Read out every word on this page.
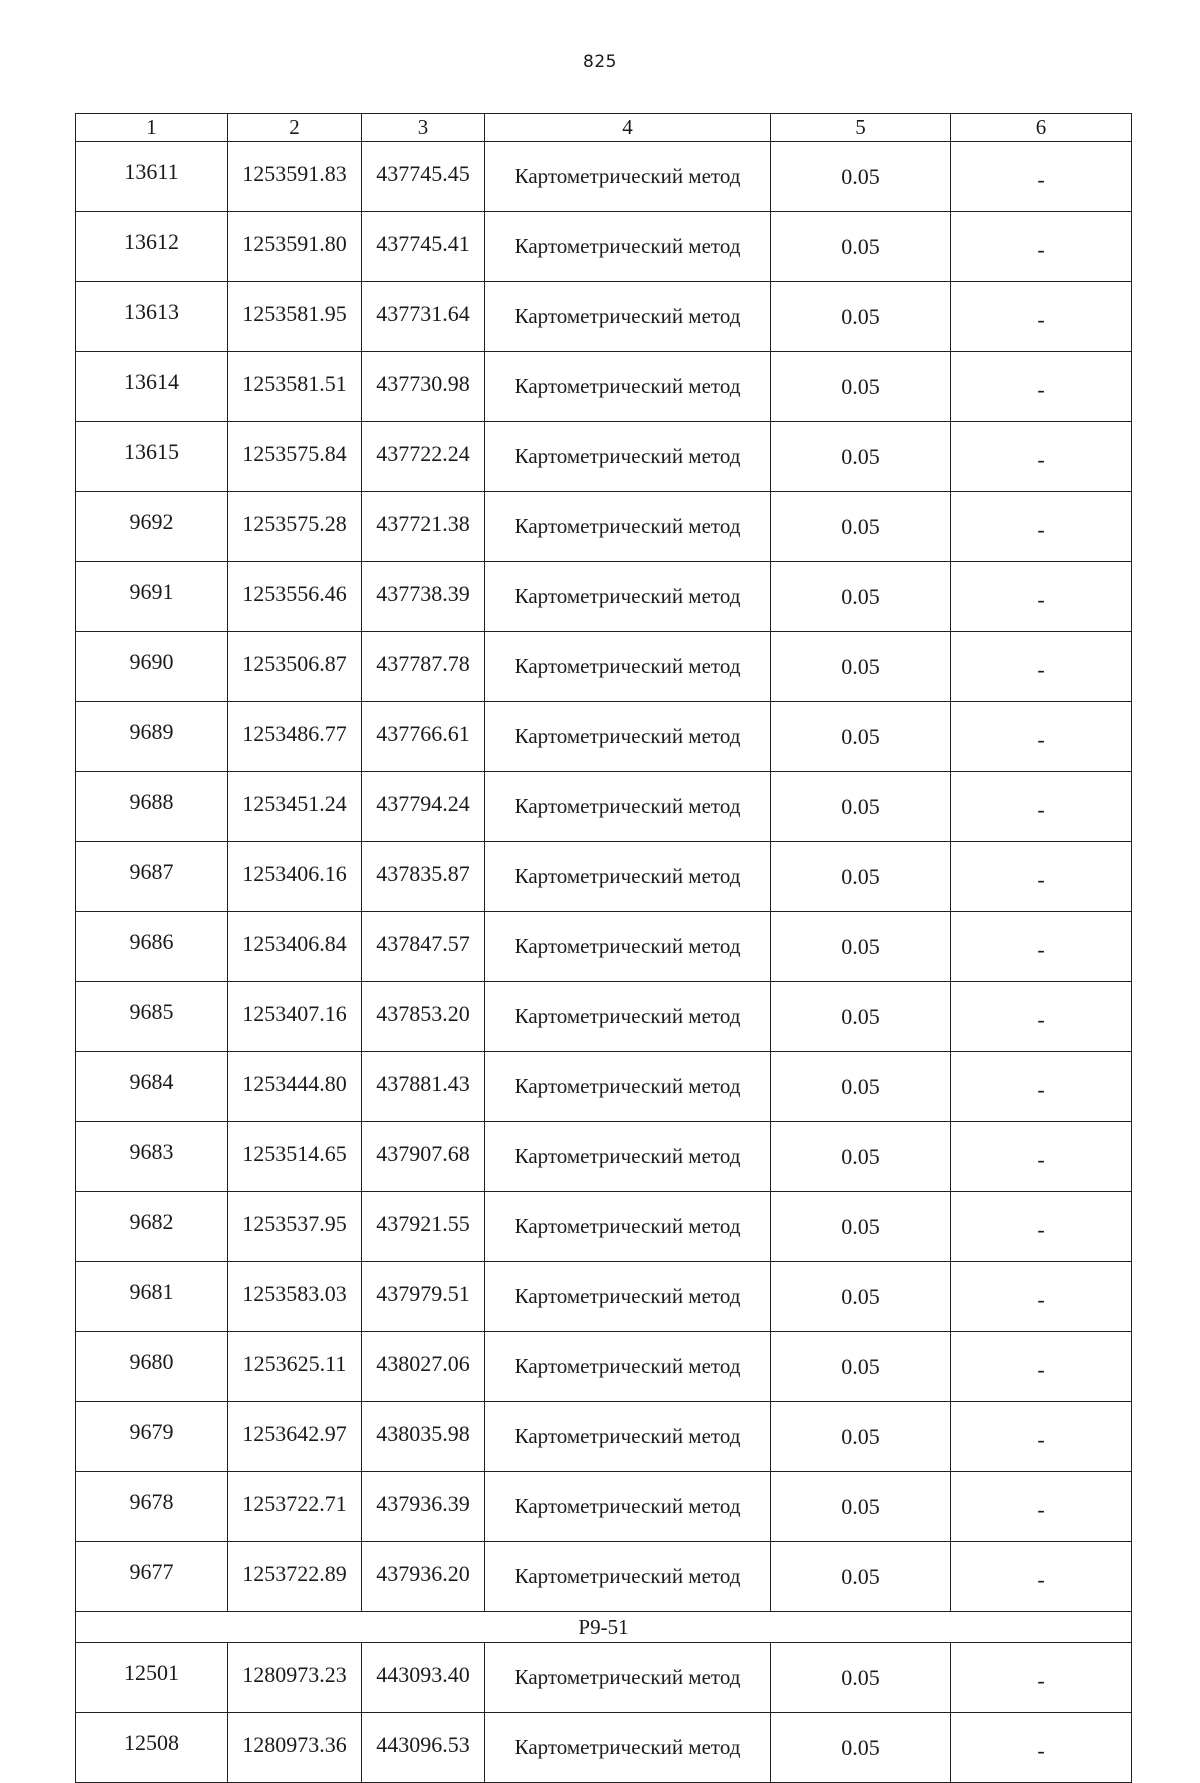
825
1	2	3	4	5	6
13611	1253591.83	437745.45	Картометрический метод	0.05	-
13612	1253591.80	437745.41	Картометрический метод	0.05	-
13613	1253581.95	437731.64	Картометрический метод	0.05	-
13614	1253581.51	437730.98	Картометрический метод	0.05	-
13615	1253575.84	437722.24	Картометрический метод	0.05	-
9692	1253575.28	437721.38	Картометрический метод	0.05	-
9691	1253556.46	437738.39	Картометрический метод	0.05	-
9690	1253506.87	437787.78	Картометрический метод	0.05	-
9689	1253486.77	437766.61	Картометрический метод	0.05	-
9688	1253451.24	437794.24	Картометрический метод	0.05	-
9687	1253406.16	437835.87	Картометрический метод	0.05	-
9686	1253406.84	437847.57	Картометрический метод	0.05	-
9685	1253407.16	437853.20	Картометрический метод	0.05	-
9684	1253444.80	437881.43	Картометрический метод	0.05	-
9683	1253514.65	437907.68	Картометрический метод	0.05	-
9682	1253537.95	437921.55	Картометрический метод	0.05	-
9681	1253583.03	437979.51	Картометрический метод	0.05	-
9680	1253625.11	438027.06	Картометрический метод	0.05	-
9679	1253642.97	438035.98	Картометрический метод	0.05	-
9678	1253722.71	437936.39	Картометрический метод	0.05	-
9677	1253722.89	437936.20	Картометрический метод	0.05	-
Р9-51					
12501	1280973.23	443093.40	Картометрический метод	0.05	-
12508	1280973.36	443096.53	Картометрический метод	0.05	-
